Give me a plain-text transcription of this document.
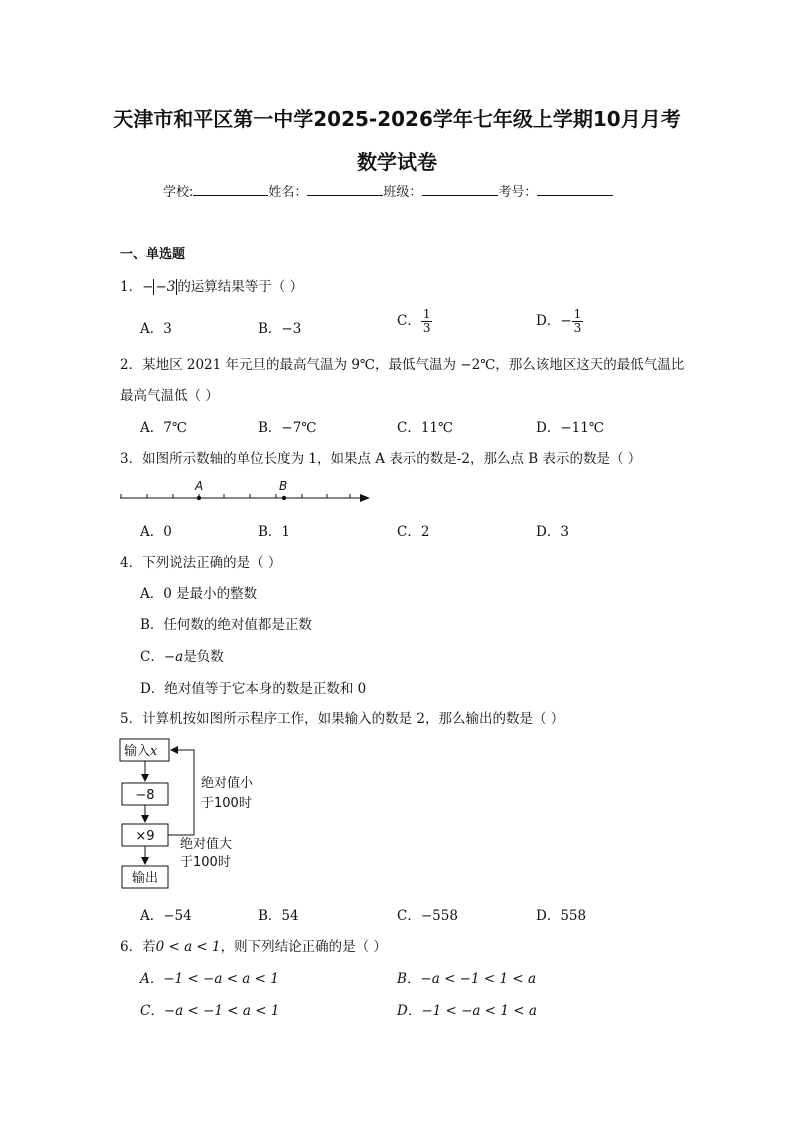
天津市和平区第一中学2025-2026学年七年级上学期10月月考
数学试卷
学校:	姓名：	班级：	考号：
一、单选题
1．− −3 的运算结果等于（ ）
A．3	B．−3	C． $\frac{1}{3}$	D．− $\frac{1}{3}$
2．某地区 2021 年元旦的最高气温为 9℃，最低气温为 −2℃，那么该地区这天的最低气温比
最高气温低（ ）
A．7℃	B．−7℃	C．11℃	D．−11℃
3．如图所示数轴的单位长度为 1，如果点 A 表示的数是-2，那么点 B 表示的数是（ ）
A	B
A．0	B．1	C．2	D．3
4．下列说法正确的是（ ）
A．0 是最小的整数
B．任何数的绝对值都是正数
C．−a是负数
D．绝对值等于它本身的数是正数和 0
5．计算机按如图所示程序工作，如果输入的数是 2，那么输出的数是（ ）
输入x
−8
×9
输出
绝对值小
于100时
绝对值大
于100时
A．−54	B．54	C．−558	D．558
6．若0 < a < 1，则下列结论正确的是（ ）
A．−1 < −a < a < 1	B．−a < −1 < 1 < a
C．−a < −1 < a < 1	D．−1 < −a < 1 < a
